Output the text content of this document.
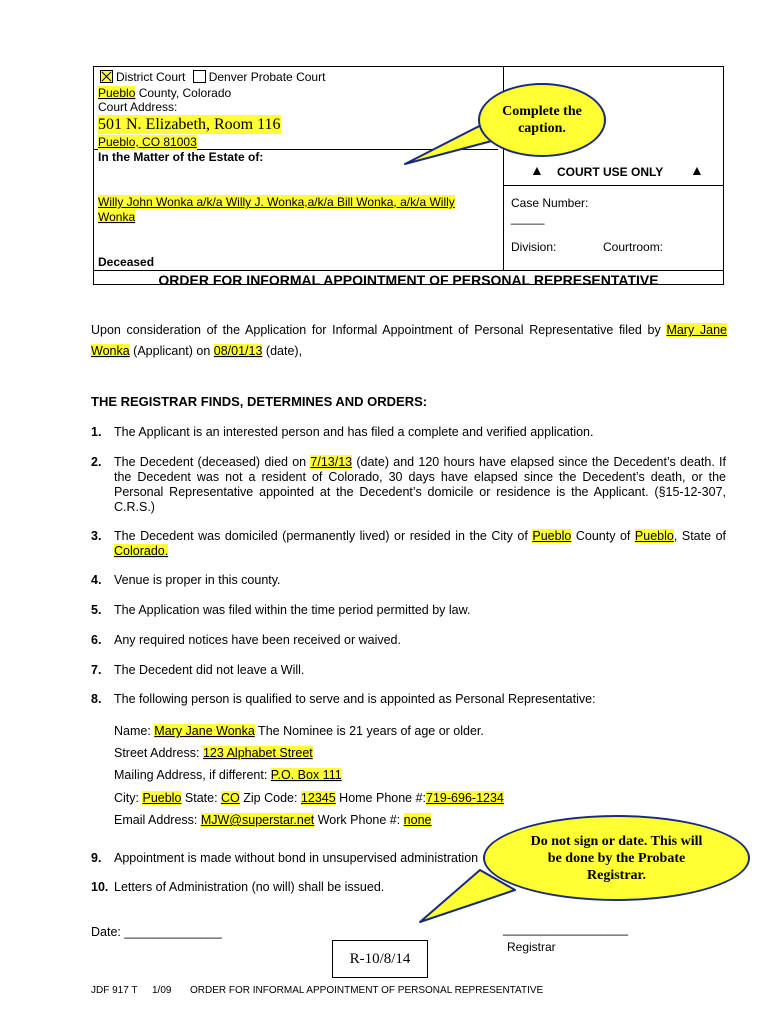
District Court Denver Probate Court
Pueblo County, Colorado
Court Address:
501 N. Elizabeth, Room 116
Pueblo, CO 81003
In the Matter of the Estate of:
Willy John Wonka a/k/a Willy J. Wonka,a/k/a Bill Wonka, a/k/a Willy Wonka
Deceased
▲ COURT USE ONLY ▲
Case Number:
_____
Division:	Courtroom:
ORDER FOR INFORMAL APPOINTMENT OF PERSONAL REPRESENTATIVE
Upon consideration of the Application for Informal Appointment of Personal Representative filed by Mary Jane Wonka (Applicant) on 08/01/13 (date),
THE REGISTRAR FINDS, DETERMINES AND ORDERS:
1. The Applicant is an interested person and has filed a complete and verified application.
2. The Decedent (deceased) died on 7/13/13 (date) and 120 hours have elapsed since the Decedent’s death. If the Decedent was not a resident of Colorado, 30 days have elapsed since the Decedent’s death, or the Personal Representative appointed at the Decedent’s domicile or residence is the Applicant. (§15-12-307, C.R.S.)
3. The Decedent was domiciled (permanently lived) or resided in the City of Pueblo County of Pueblo, State of Colorado.
4. Venue is proper in this county.
5. The Application was filed within the time period permitted by law.
6. Any required notices have been received or waived.
7. The Decedent did not leave a Will.
8. The following person is qualified to serve and is appointed as Personal Representative:
Name: Mary Jane Wonka The Nominee is 21 years of age or older.
Street Address: 123 Alphabet Street
Mailing Address, if different: P.O. Box 111
City: Pueblo State: CO Zip Code: 12345 Home Phone #:719-696-1234
Email Address: MJW@superstar.net Work Phone #: none
9. Appointment is made without bond in unsupervised administration
10. Letters of Administration (no will) shall be issued.
Date: ______________	__________________
Registrar
R-10/8/14
JDF 917 T 1/09 ORDER FOR INFORMAL APPOINTMENT OF PERSONAL REPRESENTATIVE
Complete the caption.
Do not sign or date. This will be done by the Probate Registrar.
